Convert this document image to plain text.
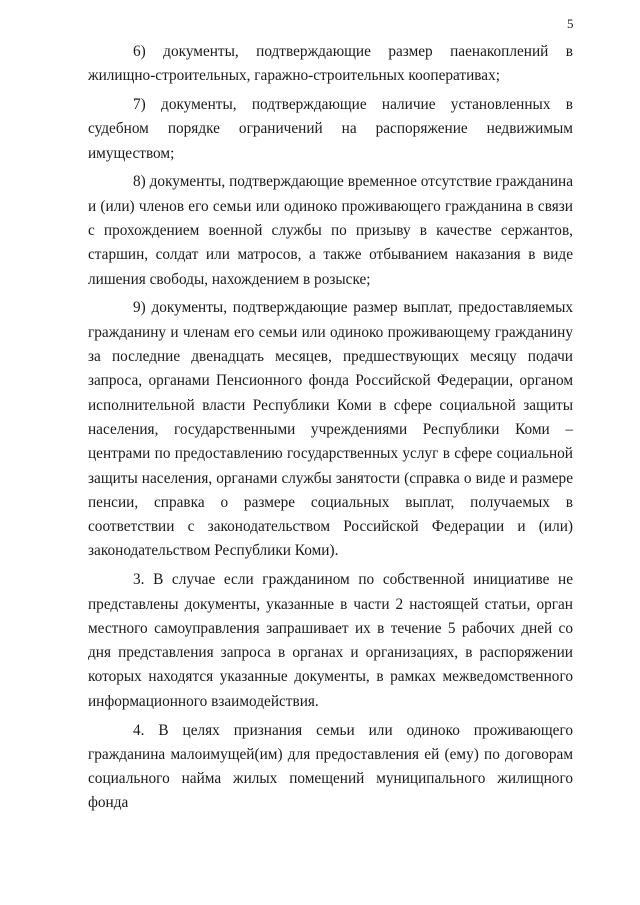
5

6) документы, подтверждающие размер паенакоплений в жилищно-строительных, гаражно-строительных кооперативах;

7) документы, подтверждающие наличие установленных в судебном порядке ограничений на распоряжение недвижимым имуществом;

8) документы, подтверждающие временное отсутствие гражданина и (или) членов его семьи или одиноко проживающего гражданина в связи с прохождением военной службы по призыву в качестве сержантов, старшин, солдат или матросов, а также отбыванием наказания в виде лишения свободы, нахождением в розыске;

9) документы, подтверждающие размер выплат, предоставляемых гражданину и членам его семьи или одиноко проживающему гражданину за последние двенадцать месяцев, предшествующих месяцу подачи запроса, органами Пенсионного фонда Российской Федерации, органом исполнительной власти Республики Коми в сфере социальной защиты населения, государственными учреждениями Республики Коми – центрами по предоставлению государственных услуг в сфере социальной защиты населения, органами службы занятости (справка о виде и размере пенсии, справка о размере социальных выплат, получаемых в соответствии с законодательством Российской Федерации и (или) законодательством Республики Коми).

3. В случае если гражданином по собственной инициативе не представлены документы, указанные в части 2 настоящей статьи, орган местного самоуправления запрашивает их в течение 5 рабочих дней со дня представления запроса в органах и организациях, в распоряжении которых находятся указанные документы, в рамках межведомственного информационного взаимодействия.

4. В целях признания семьи или одиноко проживающего гражданина малоимущей(им) для предоставления ей (ему) по договорам социального найма жилых помещений муниципального жилищного фонда
